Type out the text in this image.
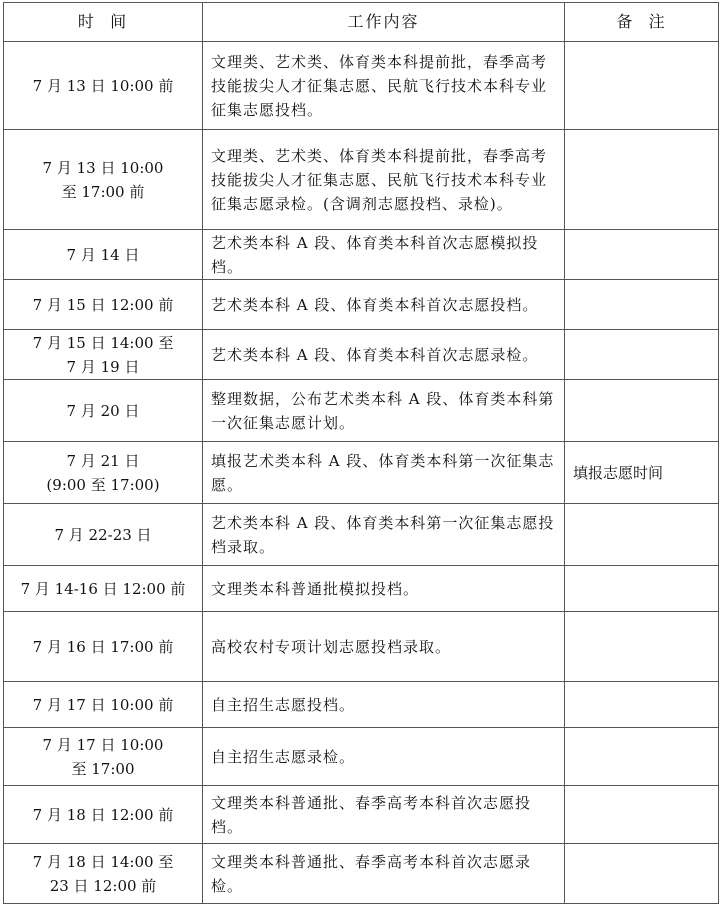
时  间	工作内容	备  注
7 月 13 日 10:00 前	文理类、艺术类、体育类本科提前批，春季高考技能拔尖人才征集志愿、民航飞行技术本科专业征集志愿投档。	
7 月 13 日 10:00
至 17:00 前	文理类、艺术类、体育类本科提前批，春季高考技能拔尖人才征集志愿、民航飞行技术本科专业征集志愿录检。(含调剂志愿投档、录检)。	
7 月 14 日	艺术类本科 A 段、体育类本科首次志愿模拟投档。	
7 月 15 日 12:00 前	艺术类本科 A 段、体育类本科首次志愿投档。	
7 月 15 日 14:00 至
7 月 19 日	艺术类本科 A 段、体育类本科首次志愿录检。	
7 月 20 日	整理数据，公布艺术类本科 A 段、体育类本科第一次征集志愿计划。	
7 月 21 日
(9:00 至 17:00)	填报艺术类本科 A 段、体育类本科第一次征集志愿。	填报志愿时间
7 月 22-23 日	艺术类本科 A 段、体育类本科第一次征集志愿投档录取。	
7 月 14-16 日 12:00 前	文理类本科普通批模拟投档。	
7 月 16 日 17:00 前	高校农村专项计划志愿投档录取。	
7 月 17 日 10:00 前	自主招生志愿投档。	
7 月 17 日 10:00
至 17:00	自主招生志愿录检。	
7 月 18 日 12:00 前	文理类本科普通批、春季高考本科首次志愿投档。	
7 月 18 日 14:00 至
23 日 12:00 前	文理类本科普通批、春季高考本科首次志愿录检。	
